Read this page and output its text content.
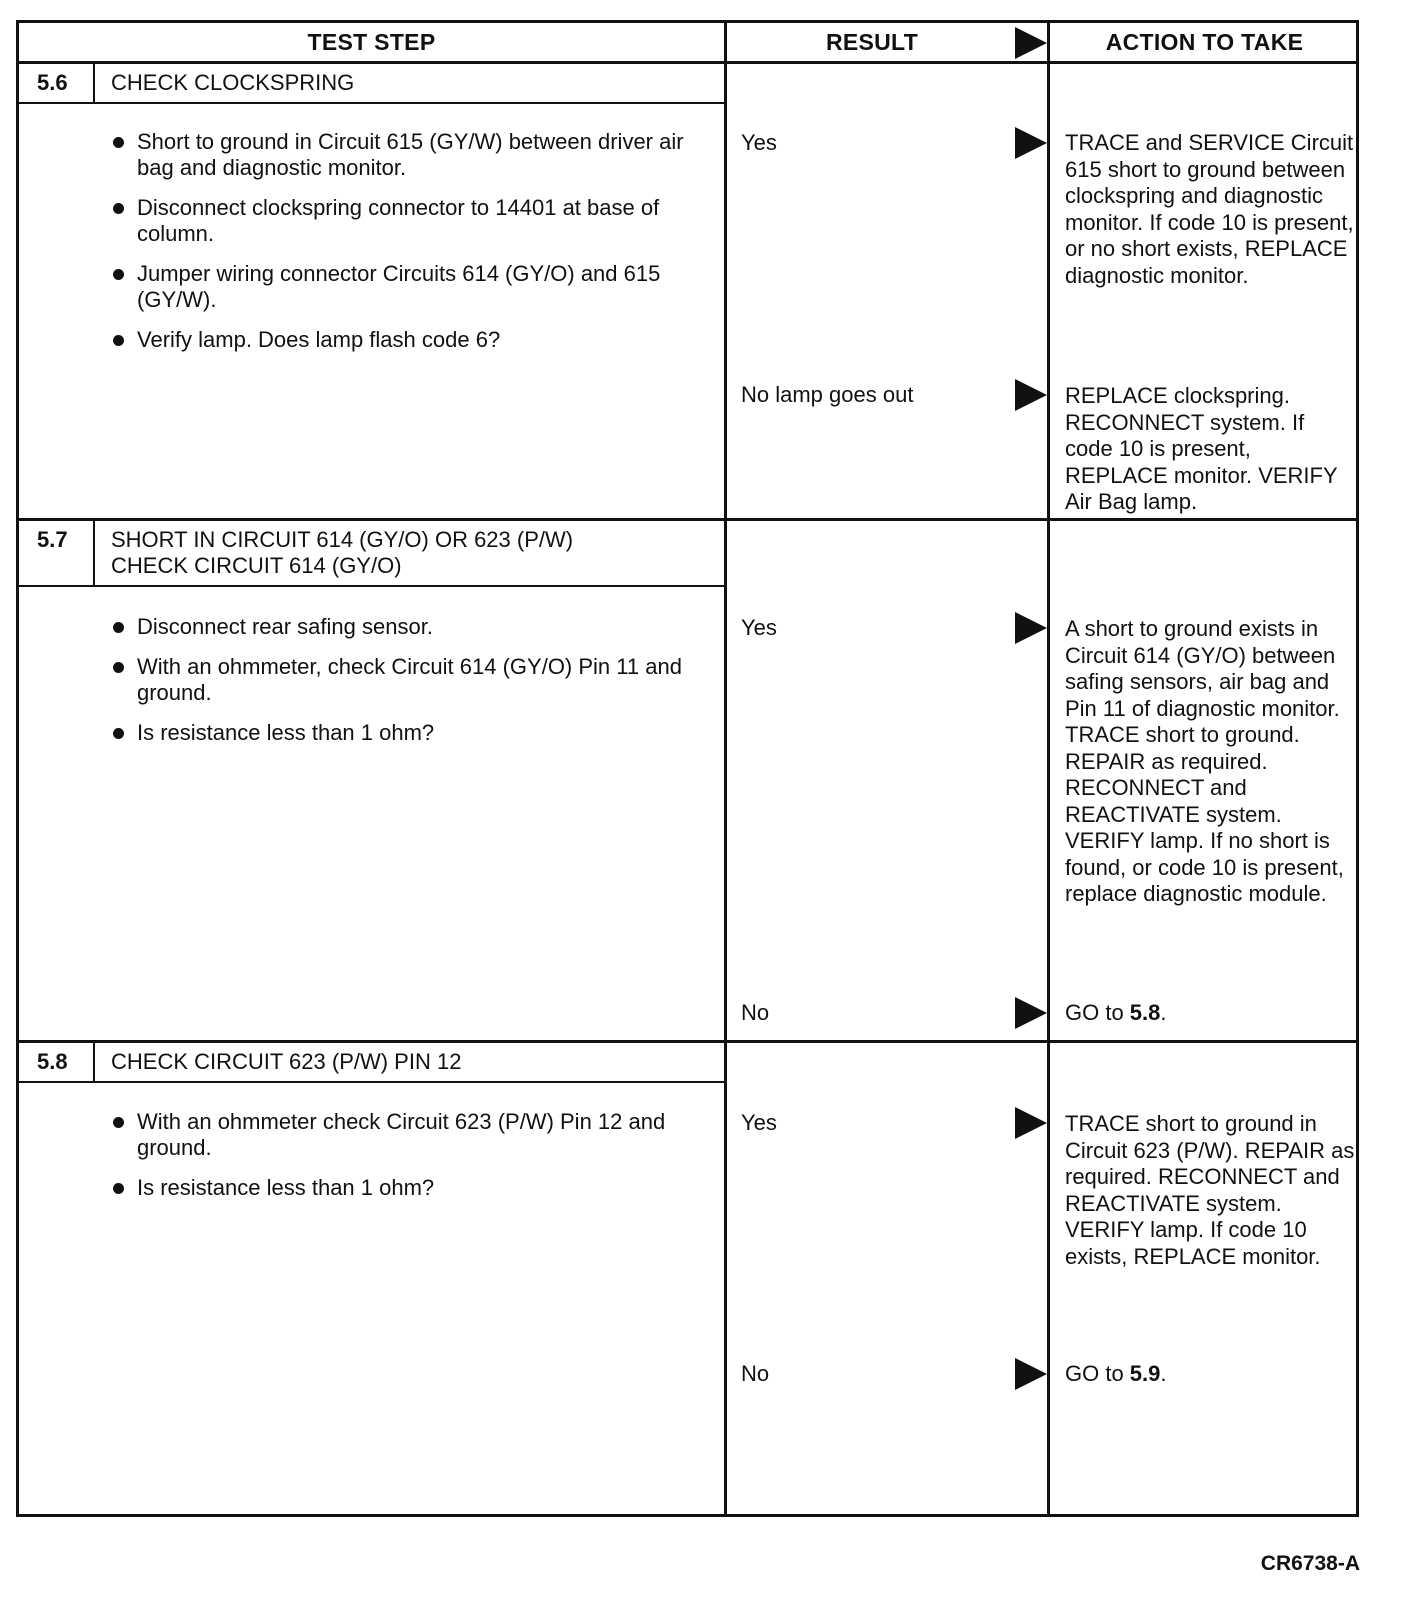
TEST STEP	RESULT	ACTION TO TAKE
5.6	CHECK CLOCKSPRING
Short to ground in Circuit 615 (GY/W) between driver air bag and diagnostic monitor.
Disconnect clockspring connector to 14401 at base of column.
Jumper wiring connector Circuits 614 (GY/O) and 615 (GY/W).
Verify lamp. Does lamp flash code 6?
Yes	TRACE and SERVICE Circuit 615 short to ground between clockspring and diagnostic monitor. If code 10 is present, or no short exists, REPLACE diagnostic monitor.
No lamp goes out	REPLACE clockspring. RECONNECT system. If code 10 is present, REPLACE monitor. VERIFY Air Bag lamp.
5.7	SHORT IN CIRCUIT 614 (GY/O) OR 623 (P/W) CHECK CIRCUIT 614 (GY/O)
Disconnect rear safing sensor.
With an ohmmeter, check Circuit 614 (GY/O) Pin 11 and ground.
Is resistance less than 1 ohm?
Yes	A short to ground exists in Circuit 614 (GY/O) between safing sensors, air bag and Pin 11 of diagnostic monitor. TRACE short to ground. REPAIR as required. RECONNECT and REACTIVATE system. VERIFY lamp. If no short is found, or code 10 is present, replace diagnostic module.
No	GO to 5.8.
5.8	CHECK CIRCUIT 623 (P/W) PIN 12
With an ohmmeter check Circuit 623 (P/W) Pin 12 and ground.
Is resistance less than 1 ohm?
Yes	TRACE short to ground in Circuit 623 (P/W). REPAIR as required. RECONNECT and REACTIVATE system. VERIFY lamp. If code 10 exists, REPLACE monitor.
No	GO to 5.9.
CR6738-A
